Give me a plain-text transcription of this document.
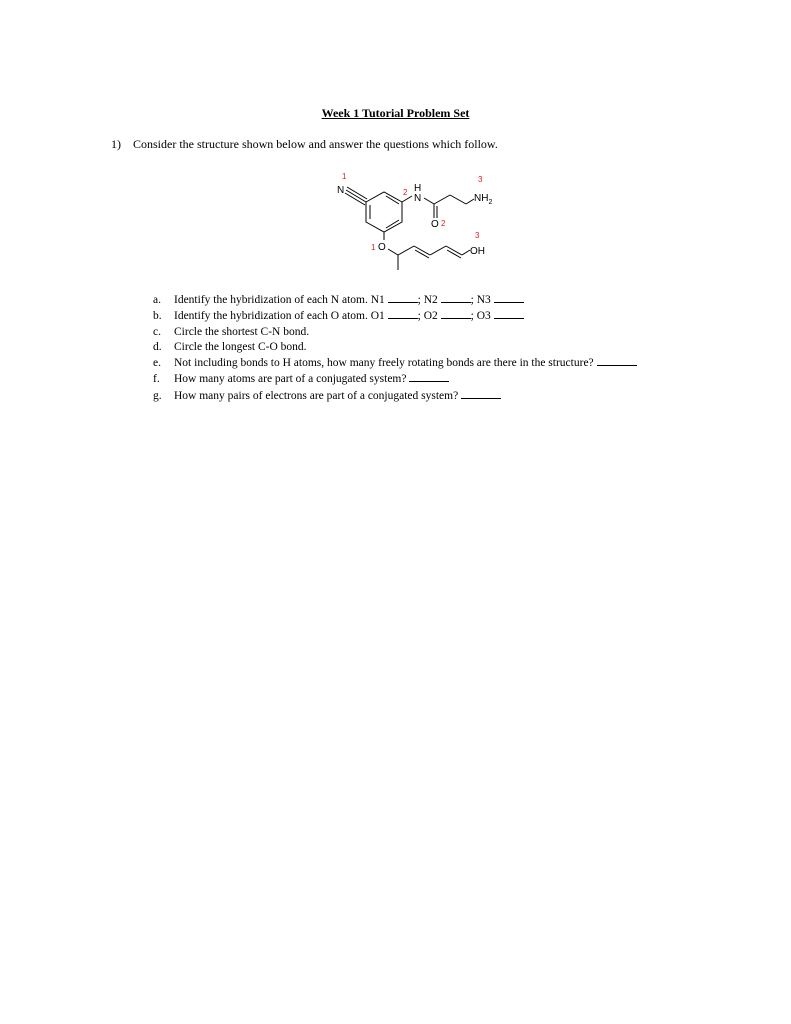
Week 1 Tutorial Problem Set
1) Consider the structure shown below and answer the questions which follow.
N
N
H
$NH_2$
O
O	OH
1
2
3
1
2
3
a. Identify the hybridization of each N atom. N1	; N2	; N3
b. Identify the hybridization of each O atom. O1	; O2	; O3
c. Circle the shortest C-N bond.
d. Circle the longest C-O bond.
e. Not including bonds to H atoms, how many freely rotating bonds are there in the structure?
f. How many atoms are part of a conjugated system?
g. How many pairs of electrons are part of a conjugated system?
